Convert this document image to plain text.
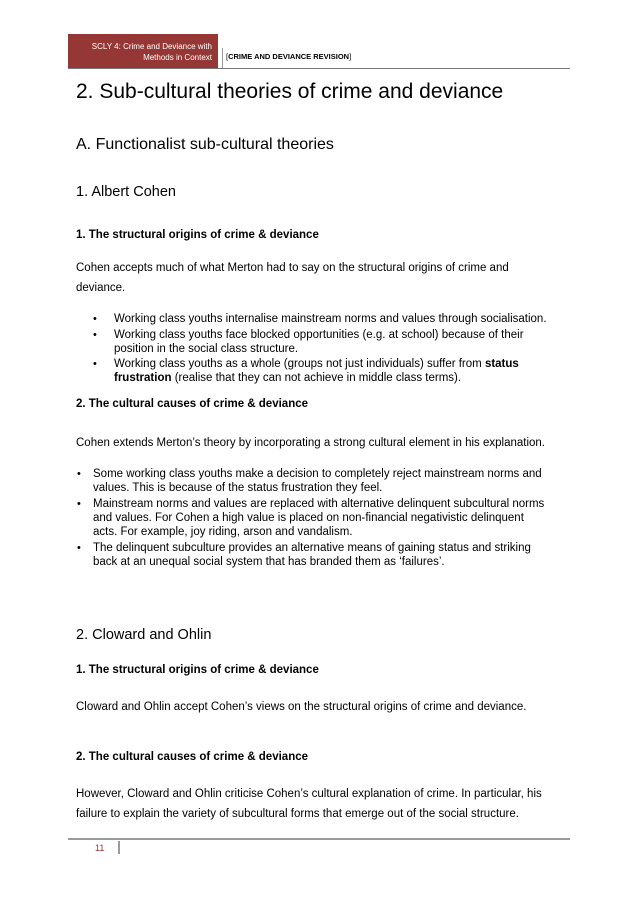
SCLY 4: Crime and Deviance with
Methods in Context [CRIME AND DEVIANCE REVISION]
2. Sub-cultural theories of crime and deviance
A. Functionalist sub-cultural theories
1. Albert Cohen
1. The structural origins of crime & deviance
Cohen accepts much of what Merton had to say on the structural origins of crime and
deviance.
• Working class youths internalise mainstream norms and values through socialisation.
• Working class youths face blocked opportunities (e.g. at school) because of their
position in the social class structure.
• Working class youths as a whole (groups not just individuals) suffer from status
frustration (realise that they can not achieve in middle class terms).
2. The cultural causes of crime & deviance
Cohen extends Merton’s theory by incorporating a strong cultural element in his explanation.
• Some working class youths make a decision to completely reject mainstream norms and
values. This is because of the status frustration they feel.
• Mainstream norms and values are replaced with alternative delinquent subcultural norms
and values. For Cohen a high value is placed on non-financial negativistic delinquent
acts. For example, joy riding, arson and vandalism.
• The delinquent subculture provides an alternative means of gaining status and striking
back at an unequal social system that has branded them as ‘failures’.
2. Cloward and Ohlin
1. The structural origins of crime & deviance
Cloward and Ohlin accept Cohen’s views on the structural origins of crime and deviance.
2. The cultural causes of crime & deviance
However, Cloward and Ohlin criticise Cohen’s cultural explanation of crime. In particular, his
failure to explain the variety of subcultural forms that emerge out of the social structure.
11
